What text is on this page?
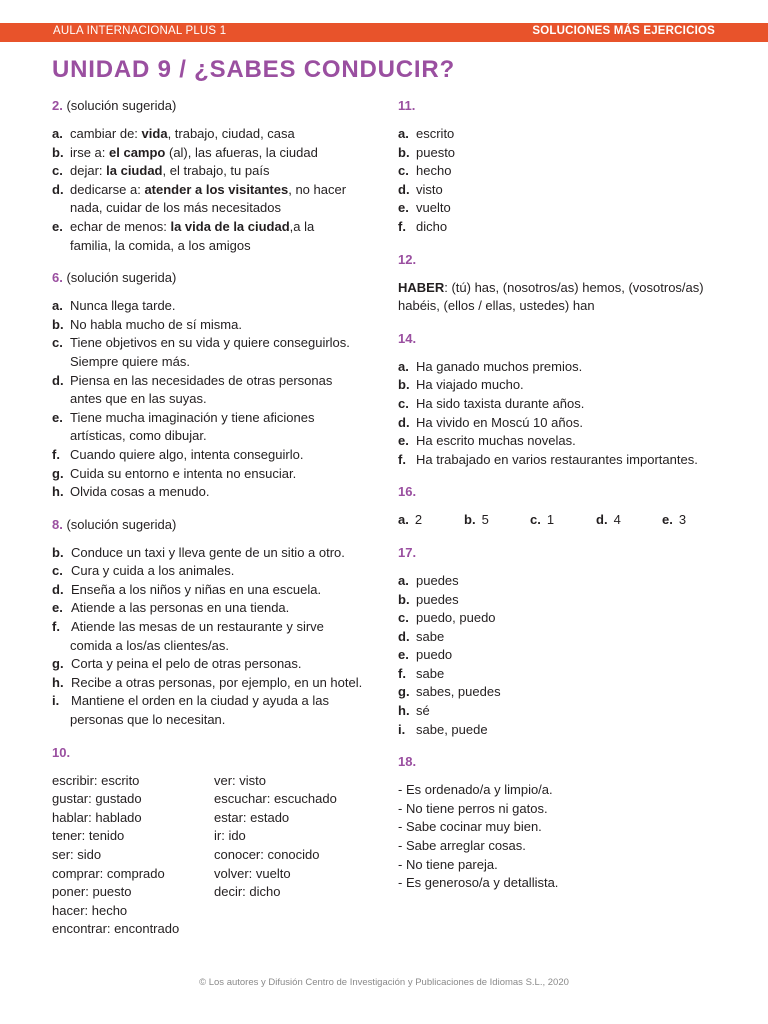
AULA INTERNACIONAL PLUS 1	SOLUCIONES MÁS EJERCICIOS
UNIDAD 9 / ¿SABES CONDUCIR?
2. (solución sugerida)
a. cambiar de: vida, trabajo, ciudad, casa
b. irse a: el campo (al), las afueras, la ciudad
c. dejar: la ciudad, el trabajo, tu país
d. dedicarse a: atender a los visitantes, no hacer
nada, cuidar de los más necesitados
e. echar de menos: la vida de la ciudad,a la
familia, la comida, a los amigos
6. (solución sugerida)
a. Nunca llega tarde.
b. No habla mucho de sí misma.
c. Tiene objetivos en su vida y quiere conseguirlos.
Siempre quiere más.
d. Piensa en las necesidades de otras personas
antes que en las suyas.
e. Tiene mucha imaginación y tiene aficiones
artísticas, como dibujar.
f. Cuando quiere algo, intenta conseguirlo.
g. Cuida su entorno e intenta no ensuciar.
h. Olvida cosas a menudo.
8. (solución sugerida)
b. Conduce un taxi y lleva gente de un sitio a otro.
c. Cura y cuida a los animales.
d. Enseña a los niños y niñas en una escuela.
e. Atiende a las personas en una tienda.
f. Atiende las mesas de un restaurante y sirve
comida a los/as clientes/as.
g. Corta y peina el pelo de otras personas.
h. Recibe a otras personas, por ejemplo, en un hotel.
i. Mantiene el orden en la ciudad y ayuda a las
personas que lo necesitan.
10.
escribir: escrito
gustar: gustado
hablar: hablado
tener: tenido
ser: sido
comprar: comprado
poner: puesto
hacer: hecho
encontrar: encontrado
ver: visto
escuchar: escuchado
estar: estado
ir: ido
conocer: conocido
volver: vuelto
decir: dicho
11.
a. escrito
b. puesto
c. hecho
d. visto
e. vuelto
f. dicho
12.
HABER: (tú) has, (nosotros/as) hemos, (vosotros/as)
habéis, (ellos / ellas, ustedes) han
14.
a. Ha ganado muchos premios.
b. Ha viajado mucho.
c. Ha sido taxista durante años.
d. Ha vivido en Moscú 10 años.
e. Ha escrito muchas novelas.
f. Ha trabajado en varios restaurantes importantes.
16.
a. 2	b. 5	c. 1	d. 4	e. 3
17.
a. puedes
b. puedes
c. puedo, puedo
d. sabe
e. puedo
f. sabe
g. sabes, puedes
h. sé
i. sabe, puede
18.
- Es ordenado/a y limpio/a.
- No tiene perros ni gatos.
- Sabe cocinar muy bien.
- Sabe arreglar cosas.
- No tiene pareja.
- Es generoso/a y detallista.
© Los autores y Difusión Centro de Investigación y Publicaciones de Idiomas S.L., 2020
